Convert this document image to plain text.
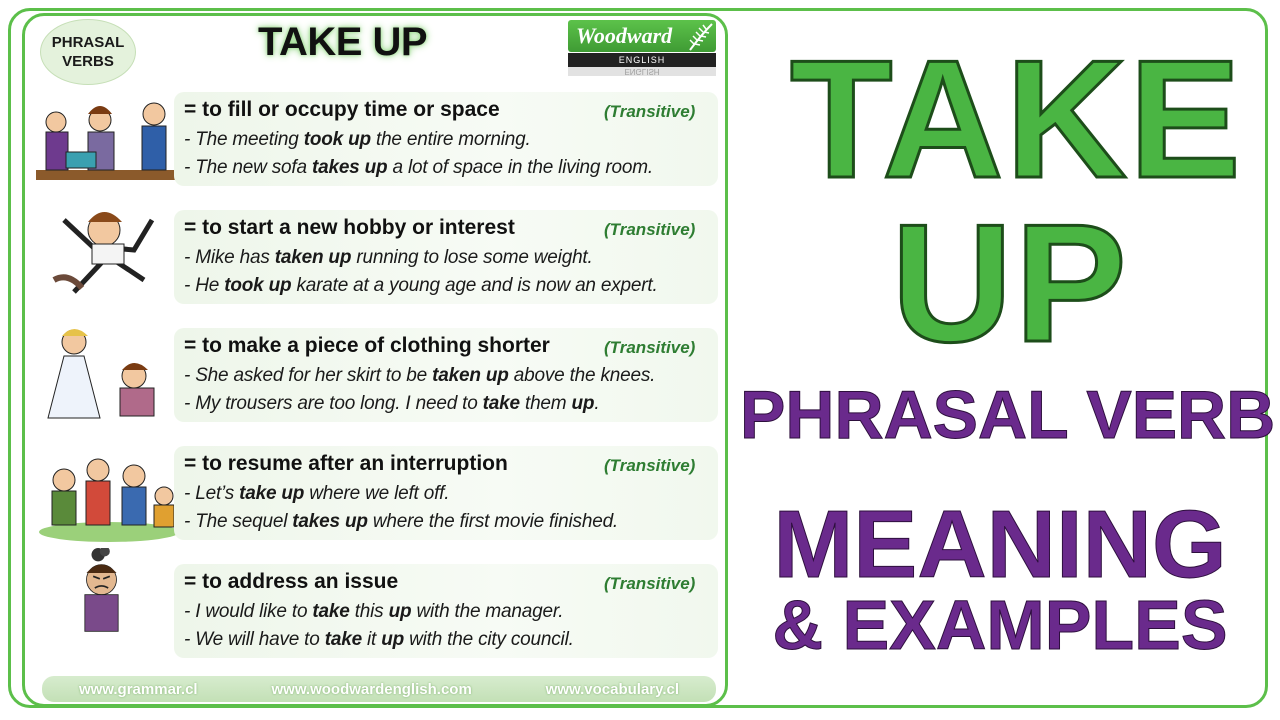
PHRASAL
VERBS	TAKE UP	Woodward
ENGLISH
ENGLISH
= to fill or occupy time or space	(Transitive)
- The meeting took up the entire morning.
- The new sofa takes up a lot of space in the living room.
= to start a new hobby or interest	(Transitive)
- Mike has taken up running to lose some weight.
- He took up karate at a young age and is now an expert.
= to make a piece of clothing shorter	(Transitive)
- She asked for her skirt to be taken up above the knees.
- My trousers are too long. I need to take them up.
= to resume after an interruption	(Transitive)
- Let’s take up where we left off.
- The sequel takes up where the first movie finished.
= to address an issue	(Transitive)
- I would like to take this up with the manager.
- We will have to take it up with the city council.
www.grammar.cl	www.woodwardenglish.com	www.vocabulary.cl
TAKE
UP
PHRASAL VERB
MEANING
& EXAMPLES
